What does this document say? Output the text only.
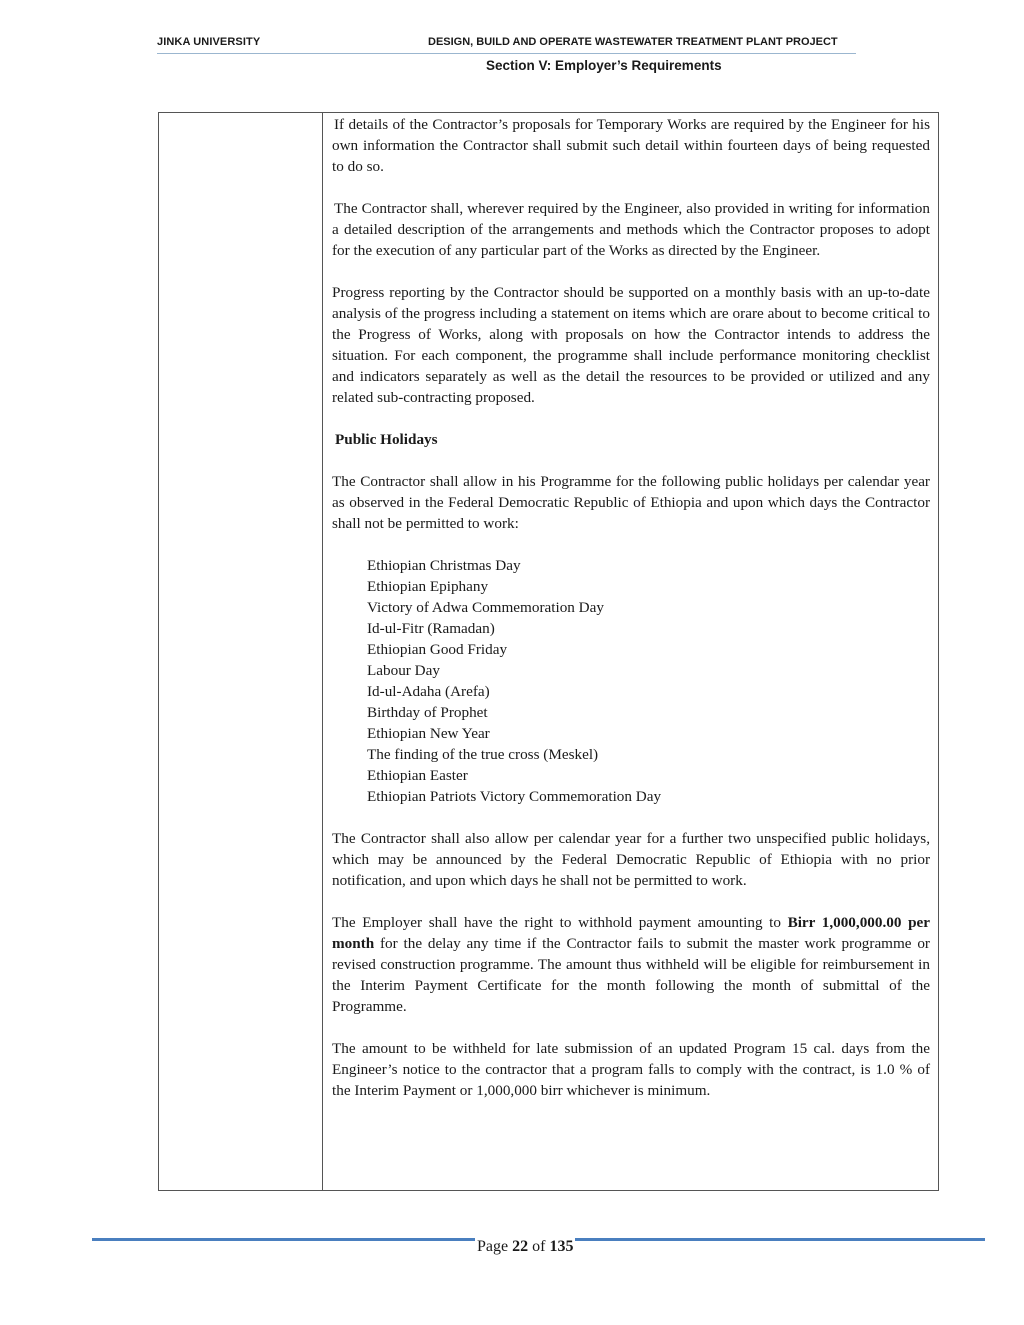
JINKA UNIVERSITY	DESIGN, BUILD AND OPERATE WASTEWATER TREATMENT PLANT PROJECT
Section V: Employer’s Requirements

If details of the Contractor’s proposals for Temporary Works are required by the Engineer for his own information the Contractor shall submit such detail within fourteen days of being requested to do so.

The Contractor shall, wherever required by the Engineer, also provided in writing for information a detailed description of the arrangements and methods which the Contractor proposes to adopt for the execution of any particular part of the Works as directed by the Engineer.

Progress reporting by the Contractor should be supported on a monthly basis with an up-to-date analysis of the progress including a statement on items which are orare about to become critical to the Progress of Works, along with proposals on how the Contractor intends to address the situation. For each component, the programme shall include performance monitoring checklist and indicators separately as well as the detail the resources to be provided or utilized and any related sub-contracting proposed.

Public Holidays

The Contractor shall allow in his Programme for the following public holidays per calendar year as observed in the Federal Democratic Republic of Ethiopia and upon which days the Contractor shall not be permitted to work:

Ethiopian Christmas Day
Ethiopian Epiphany
Victory of Adwa Commemoration Day
Id-ul-Fitr (Ramadan)
Ethiopian Good Friday
Labour Day
Id-ul-Adaha (Arefa)
Birthday of Prophet
Ethiopian New Year
The finding of the true cross (Meskel)
Ethiopian Easter
Ethiopian Patriots Victory Commemoration Day

The Contractor shall also allow per calendar year for a further two unspecified public holidays, which may be announced by the Federal Democratic Republic of Ethiopia with no prior notification, and upon which days he shall not be permitted to work.

The Employer shall have the right to withhold payment amounting to Birr 1,000,000.00 per month for the delay any time if the Contractor fails to submit the master work programme or revised construction programme. The amount thus withheld will be eligible for reimbursement in the Interim Payment Certificate for the month following the month of submittal of the Programme.

The amount to be withheld for late submission of an updated Program 15 cal. days from the Engineer’s notice to the contractor that a program falls to comply with the contract, is 1.0 % of the Interim Payment or 1,000,000 birr whichever is minimum.

Page 22 of 135
